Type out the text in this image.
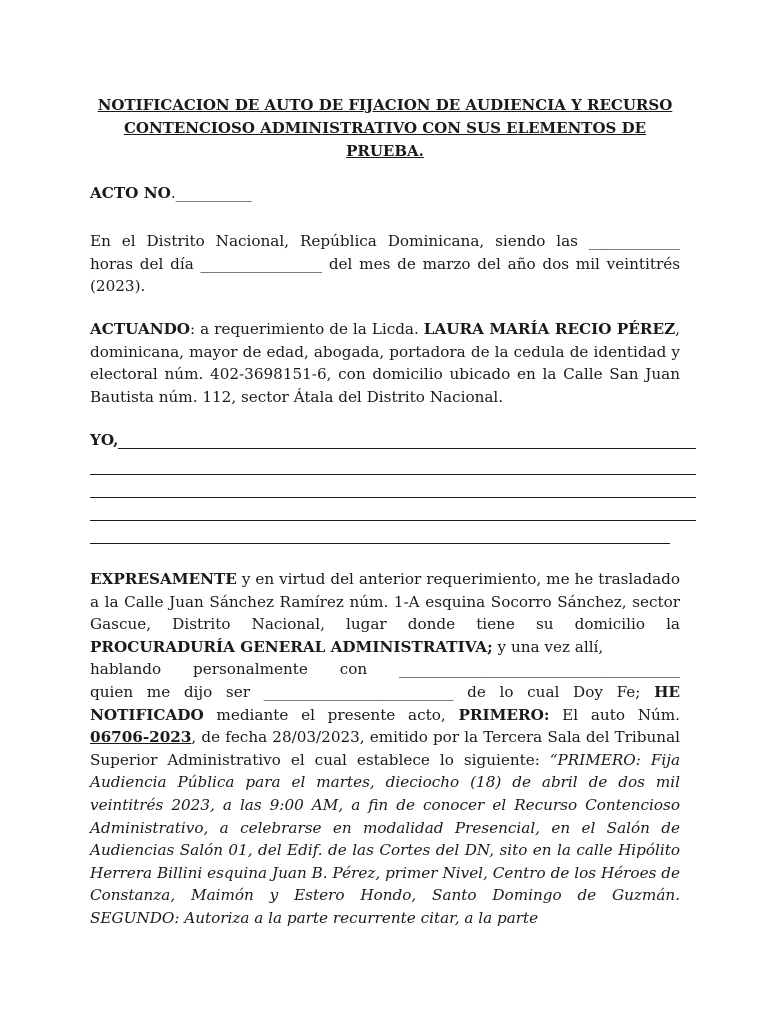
NOTIFICACION DE AUTO DE FIJACION DE AUDIENCIA Y RECURSO CONTENCIOSO ADMINISTRATIVO CON SUS ELEMENTOS DE PRUEBA.

ACTO NO.__________

En el Distrito Nacional, República Dominicana, siendo las ____________
horas del día ________________ del mes de marzo del año dos mil veintitrés
(2023).

ACTUANDO: a requerimiento de la Licda. LAURA MARÍA RECIO PÉREZ, dominicana, mayor de edad, abogada, portadora de la cedula de identidad y electoral núm. 402-3698151-6, con domicilio ubicado en la Calle San Juan Bautista núm. 112, sector Átala del Distrito Nacional.

YO,

EXPRESAMENTE y en virtud del anterior requerimiento, me he trasladado a la Calle Juan Sánchez Ramírez núm. 1-A esquina Socorro Sánchez, sector Gascue, Distrito Nacional, lugar donde tiene su domicilio la PROCURADURÍA GENERAL ADMINISTRATIVA; y una vez allí,

hablando personalmente con _____________________________________

quien me dijo ser _________________________ de lo cual Doy Fe; HE NOTIFICADO mediante el presente acto, PRIMERO: El auto Núm. 06706-2023, de fecha 28/03/2023, emitido por la Tercera Sala del Tribunal Superior Administrativo el cual establece lo siguiente: “PRIMERO: Fija Audiencia Pública para el martes, dieciocho (18) de abril de dos mil veintitrés 2023, a las 9:00 AM, a fin de conocer el Recurso Contencioso Administrativo, a celebrarse en modalidad Presencial, en el Salón de Audiencias Salón 01, del Edif. de las Cortes del DN, sito en la calle Hipólito Herrera Billini esquina Juan B. Pérez, primer Nivel, Centro de los Héroes de Constanza, Maimón y Estero Hondo, Santo Domingo de Guzmán. SEGUNDO: Autoriza a la parte recurrente citar, a la parte
